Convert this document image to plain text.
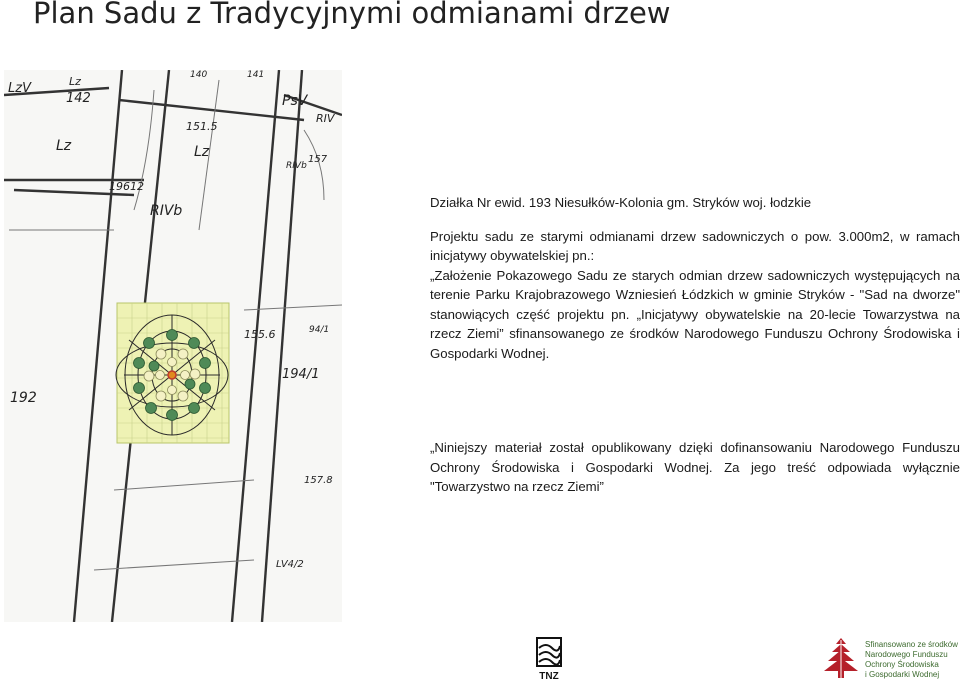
Plan Sadu z Tradycyjnymi odmianami drzew
LzV	Lz
142
151.5
Lz
PsV
RIV
157
Lz
19612
RIVb
RIVb
155.6	94/1
192
194/1
157.8
LV4/2
140	141
Działka Nr ewid. 193 Niesułków-Kolonia gm. Stryków woj. łodzkie
Projektu sadu ze starymi odmianami drzew sadowniczych o pow. 3.000m2, w ramach inicjatywy obywatelskiej pn.:
„Założenie Pokazowego Sadu ze starych odmian drzew sadowniczych występujących na terenie Parku Krajobrazowego Wzniesień Łódzkich w gminie Stryków - "Sad na dworze" stanowiących część projektu pn. „Inicjatywy obywatelskie na 20-lecie Towarzystwa na rzecz Ziemi” sfinansowanego ze środków Narodowego Funduszu Ochrony Środowiska i Gospodarki Wodnej.
„Niniejszy materiał został opublikowany dzięki dofinansowaniu Narodowego Funduszu Ochrony Środowiska i Gospodarki Wodnej. Za jego treść odpowiada wyłącznie "Towarzystwo na rzecz Ziemi”
TNZ
Sfinansowano ze środków
Narodowego Funduszu
Ochrony Środowiska
i Gospodarki Wodnej
